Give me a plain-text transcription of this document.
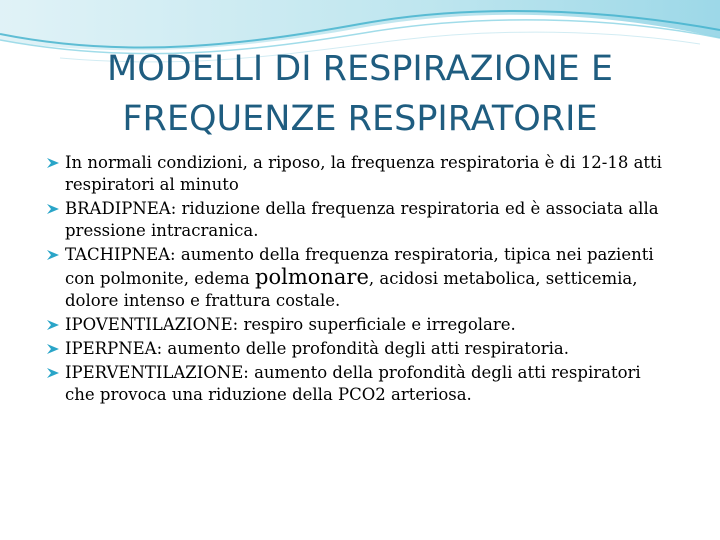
MODELLI DI RESPIRAZIONE E
FREQUENZE RESPIRATORIE
In normali condizioni, a riposo, la frequenza respiratoria è di 12-18 atti respiratori al minuto
BRADIPNEA: riduzione della frequenza respiratoria ed è associata alla pressione intracranica.
TACHIPNEA: aumento della frequenza respiratoria, tipica nei pazienti con polmonite, edema polmonare, acidosi metabolica, setticemia, dolore intenso e frattura costale.
IPOVENTILAZIONE: respiro superficiale e irregolare.
IPERPNEA: aumento delle profondità degli atti respiratoria.
IPERVENTILAZIONE: aumento della profondità degli atti respiratori che provoca una riduzione della PCO2 arteriosa.
